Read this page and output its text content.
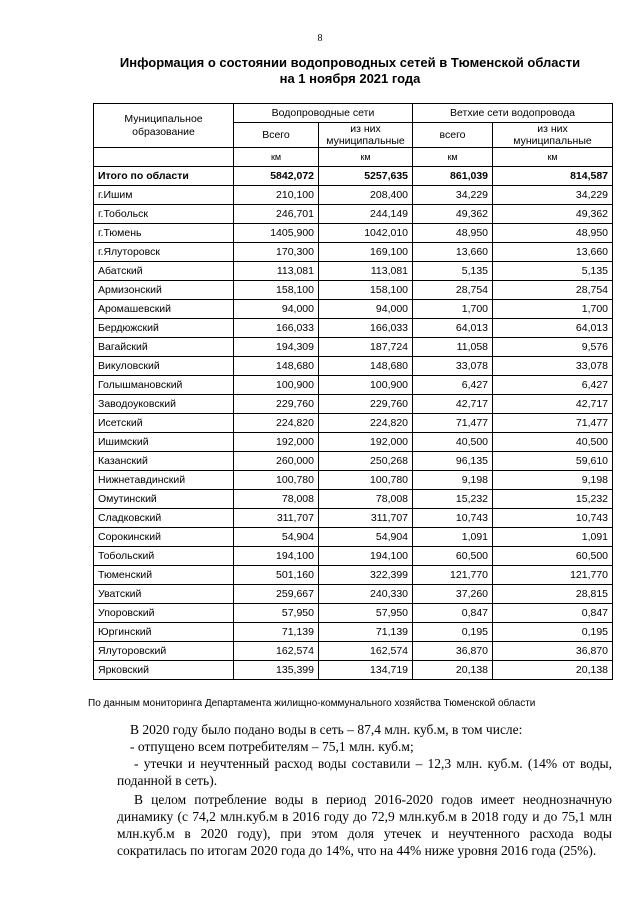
8
Информация о состоянии водопроводных сетей в Тюменской области
на 1 ноября 2021 года
Муниципальное образование	Водопроводные сети		Ветхие сети водопровода	
	Всего	из них муниципальные	всего	из них муниципальные
	км	км	км	км
Итого по области	5842,072	5257,635	861,039	814,587
г.Ишим	210,100	208,400	34,229	34,229
г.Тобольск	246,701	244,149	49,362	49,362
г.Тюмень	1405,900	1042,010	48,950	48,950
г.Ялуторовск	170,300	169,100	13,660	13,660
Абатский	113,081	113,081	5,135	5,135
Армизонский	158,100	158,100	28,754	28,754
Аромашевский	94,000	94,000	1,700	1,700
Бердюжский	166,033	166,033	64,013	64,013
Вагайский	194,309	187,724	11,058	9,576
Викуловский	148,680	148,680	33,078	33,078
Голышмановский	100,900	100,900	6,427	6,427
Заводоуковский	229,760	229,760	42,717	42,717
Исетский	224,820	224,820	71,477	71,477
Ишимский	192,000	192,000	40,500	40,500
Казанский	260,000	250,268	96,135	59,610
Нижнетавдинский	100,780	100,780	9,198	9,198
Омутинский	78,008	78,008	15,232	15,232
Сладковский	311,707	311,707	10,743	10,743
Сорокинский	54,904	54,904	1,091	1,091
Тобольский	194,100	194,100	60,500	60,500
Тюменский	501,160	322,399	121,770	121,770
Уватский	259,667	240,330	37,260	28,815
Упоровский	57,950	57,950	0,847	0,847
Юргинский	71,139	71,139	0,195	0,195
Ялуторовский	162,574	162,574	36,870	36,870
Ярковский	135,399	134,719	20,138	20,138
По данным мониторинга Департамента жилищно-коммунального хозяйства Тюменской области

В 2020 году было подано воды в сеть – 87,4 млн. куб.м, в том числе:

- отпущено всем потребителям – 75,1 млн. куб.м;

- утечки и неучтенный расход воды составили – 12,3 млн. куб.м. (14% от воды, поданной в сеть).

В целом потребление воды в период 2016-2020 годов имеет неоднозначную динамику (с 74,2 млн.куб.м в 2016 году до 72,9 млн.куб.м в 2018 году и до 75,1 млн млн.куб.м в 2020 году), при этом доля утечек и неучтенного расхода воды сократилась по итогам 2020 года до 14%, что на 44% ниже уровня 2016 года (25%).
